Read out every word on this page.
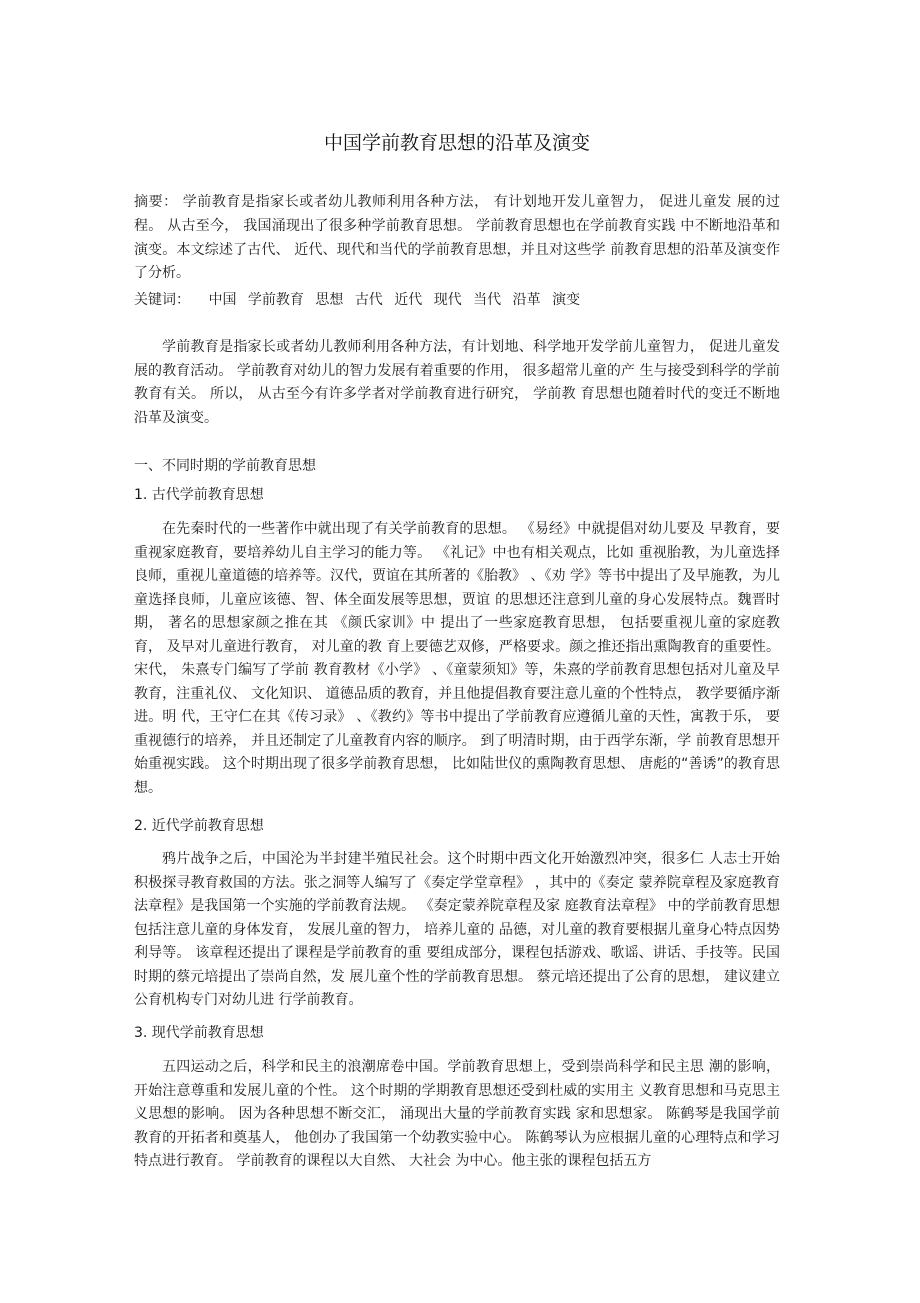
中国学前教育思想的沿革及演变

摘要： 学前教育是指家长或者幼儿教师利用各种方法， 有计划地开发儿童智力， 促进儿童发 展的过程。 从古至今， 我国涌现出了很多种学前教育思想。 学前教育思想也在学前教育实践 中不断地沿革和演变。本文综述了古代、 近代、现代和当代的学前教育思想，并且对这些学 前教育思想的沿革及演变作了分析。

关键词： 中国 学前教育 思想 古代 近代 现代 当代 沿革 演变

学前教育是指家长或者幼儿教师利用各种方法，有计划地、科学地开发学前儿童智力， 促进儿童发展的教育活动。 学前教育对幼儿的智力发展有着重要的作用， 很多超常儿童的产 生与接受到科学的学前教育有关。 所以， 从古至今有许多学者对学前教育进行研究， 学前教 育思想也随着时代的变迁不断地沿革及演变。

一、不同时期的学前教育思想
1. 古代学前教育思想

在先秦时代的一些著作中就出现了有关学前教育的思想。 《易经》中就提倡对幼儿要及 早教育，要重视家庭教育，要培养幼儿自主学习的能力等。 《礼记》中也有相关观点，比如 重视胎教，为儿童选择良师，重视儿童道德的培养等。汉代，贾谊在其所著的《胎教》 、《劝 学》等书中提出了及早施教，为儿童选择良师，儿童应该德、智、体全面发展等思想，贾谊 的思想还注意到儿童的身心发展特点。魏晋时期， 著名的思想家颜之推在其 《颜氏家训》中 提出了一些家庭教育思想， 包括要重视儿童的家庭教育， 及早对儿童进行教育， 对儿童的教 育上要德艺双修，严格要求。颜之推还指出熏陶教育的重要性。宋代， 朱熹专门编写了学前 教育教材《小学》 、《童蒙须知》等，朱熹的学前教育思想包括对儿童及早教育，注重礼仪、 文化知识、 道德品质的教育，并且他提倡教育要注意儿童的个性特点， 教学要循序渐进。明 代，王守仁在其《传习录》 、《教约》等书中提出了学前教育应遵循儿童的天性，寓教于乐， 要重视德行的培养， 并且还制定了儿童教育内容的顺序。 到了明清时期，由于西学东渐，学 前教育思想开始重视实践。 这个时期出现了很多学前教育思想， 比如陆世仪的熏陶教育思想、 唐彪的“善诱”的教育思想。

2. 近代学前教育思想

鸦片战争之后，中国沦为半封建半殖民社会。这个时期中西文化开始激烈冲突，很多仁 人志士开始积极探寻教育救国的方法。张之洞等人编写了《奏定学堂章程》 ，其中的《奏定 蒙养院章程及家庭教育法章程》是我国第一个实施的学前教育法规。 《奏定蒙养院章程及家 庭教育法章程》 中的学前教育思想包括注意儿童的身体发育， 发展儿童的智力， 培养儿童的 品德，对儿童的教育要根据儿童身心特点因势利导等。 该章程还提出了课程是学前教育的重 要组成部分，课程包括游戏、歌谣、讲话、手技等。民国时期的蔡元培提出了崇尚自然，发 展儿童个性的学前教育思想。 蔡元培还提出了公育的思想， 建议建立公育机构专门对幼儿进 行学前教育。

3. 现代学前教育思想

五四运动之后，科学和民主的浪潮席卷中国。学前教育思想上，受到崇尚科学和民主思 潮的影响， 开始注意尊重和发展儿童的个性。 这个时期的学期教育思想还受到杜威的实用主 义教育思想和马克思主义思想的影响。 因为各种思想不断交汇， 涌现出大量的学前教育实践 家和思想家。 陈鹤琴是我国学前教育的开拓者和奠基人， 他创办了我国第一个幼教实验中心。 陈鹤琴认为应根据儿童的心理特点和学习特点进行教育。 学前教育的课程以大自然、 大社会 为中心。他主张的课程包括五方
